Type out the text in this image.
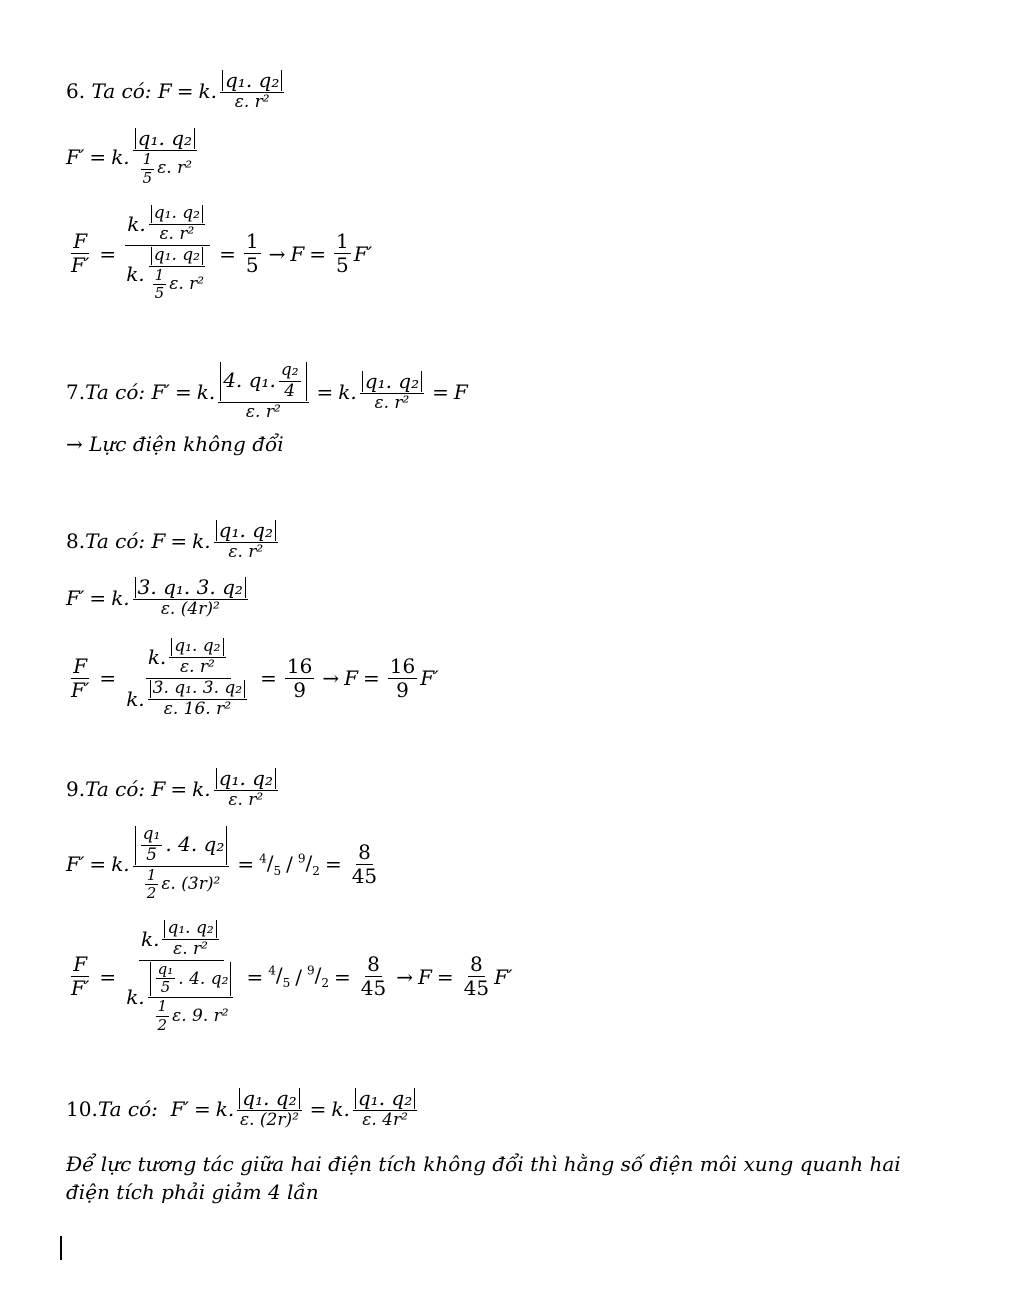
6.
Ta có: F = k. $\frac{\text{q₁. q₂}}{\text{ε. r²}}$
F′ = k. $\frac{\text{q₁. q₂}}{\frac{1}{5} \varepsilon. r^2}$
$\frac{F}{F'} = \frac{k. \frac{\text{q₁. q₂}}{\text{ε. r²}}}{k. \frac{\text{q₁. q₂}}{\frac{1}{5} \varepsilon. r^2}} = \frac{1}{5} \to F = \frac{1}{5} F'$
7. Ta có: F′ = k. $\frac{4. q_1. \frac{\text{q₂}}{4}}{\text{ε. r²}} = k$. $\frac{\text{q₁. q₂}}{\text{ε. r²}} = F$
→ Lực điện không đổi
8. Ta có: F = k. $\frac{\text{q₁. q₂}}{\text{ε. r²}}$
F′ = k. $\frac{\text{3. q₁. 3. q₂}}{\text{ε. (4r)²}}$
$\frac{F}{F'} = \frac{k. \frac{\text{q₁. q₂}}{\text{ε. r²}}}{k. \frac{\text{3. q₁. 3. q₂}}{\text{ε. 16. r²}}} = \frac{16}{9} \to F = \frac{16}{9} F'$
9. Ta có: F = k. $\frac{\text{q₁. q₂}}{\text{ε. r²}}$
F′ = k. $\frac{\frac{\text{q₁}}{5} . 4. q_2}{\frac{1}{2} \varepsilon. (3r)^2} = ^4/_5 / ^9/_2 = \frac{8}{45}$
$\frac{F}{F'} = \frac{k. \frac{\text{q₁. q₂}}{\text{ε. r²}}}{k. \frac{\frac{\text{q₁}}{5} . 4. q_2}{\frac{1}{2} \varepsilon. 9. r^2}} = ^4/_5 / ^9/_2 = \frac{8}{45} \to F = \frac{8}{45} F'$
10. Ta có: F′ = k. $\frac{\text{q₁. q₂}}{\text{ε. (2r)²}} = k$. $\frac{\text{q₁. q₂}}{\text{ε. 4r²}}$
Để lực tương tác giữa hai điện tích không đổi thì hằng số điện môi xung quanh hai
điện tích phải giảm 4 lần
